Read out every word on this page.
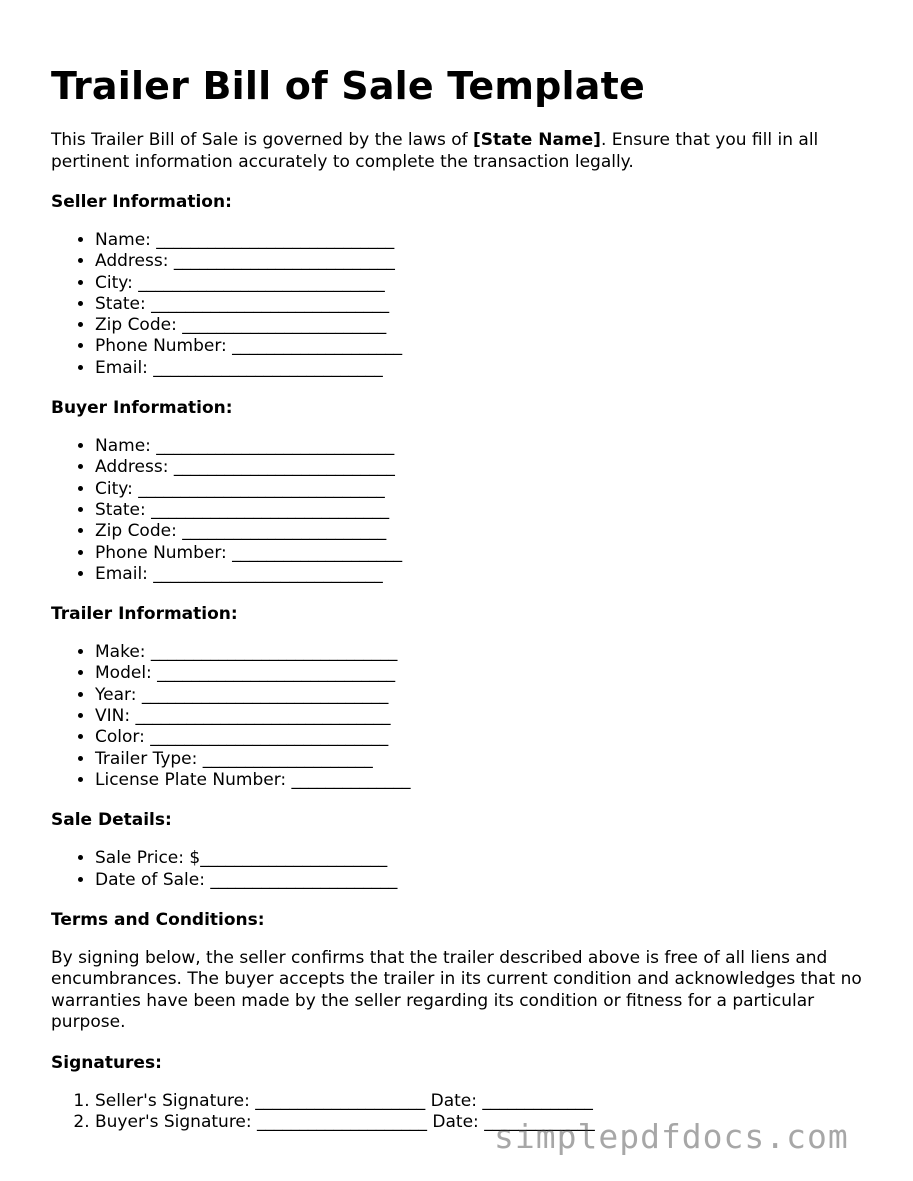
Trailer Bill of Sale Template

This Trailer Bill of Sale is governed by the laws of [State Name]. Ensure that you fill in all pertinent information accurately to complete the transaction legally.

Seller Information:
• Name: ____________________________
• Address: __________________________
• City: _____________________________
• State: ____________________________
• Zip Code: ________________________
• Phone Number: ____________________
• Email: ___________________________
Buyer Information:
• Name: ____________________________
• Address: __________________________
• City: _____________________________
• State: ____________________________
• Zip Code: ________________________
• Phone Number: ____________________
• Email: ___________________________
Trailer Information:
• Make: _____________________________
• Model: ____________________________
• Year: _____________________________
• VIN: ______________________________
• Color: ____________________________
• Trailer Type: ____________________
• License Plate Number: ______________
Sale Details:
• Sale Price: $______________________
• Date of Sale: ______________________
Terms and Conditions:

By signing below, the seller confirms that the trailer described above is free of all liens and encumbrances. The buyer accepts the trailer in its current condition and acknowledges that no warranties have been made by the seller regarding its condition or fitness for a particular purpose.

Signatures:
1. Seller's Signature: ____________________ Date: _____________
2. Buyer's Signature: ____________________ Date: _____________
simplepdfdocs.com
